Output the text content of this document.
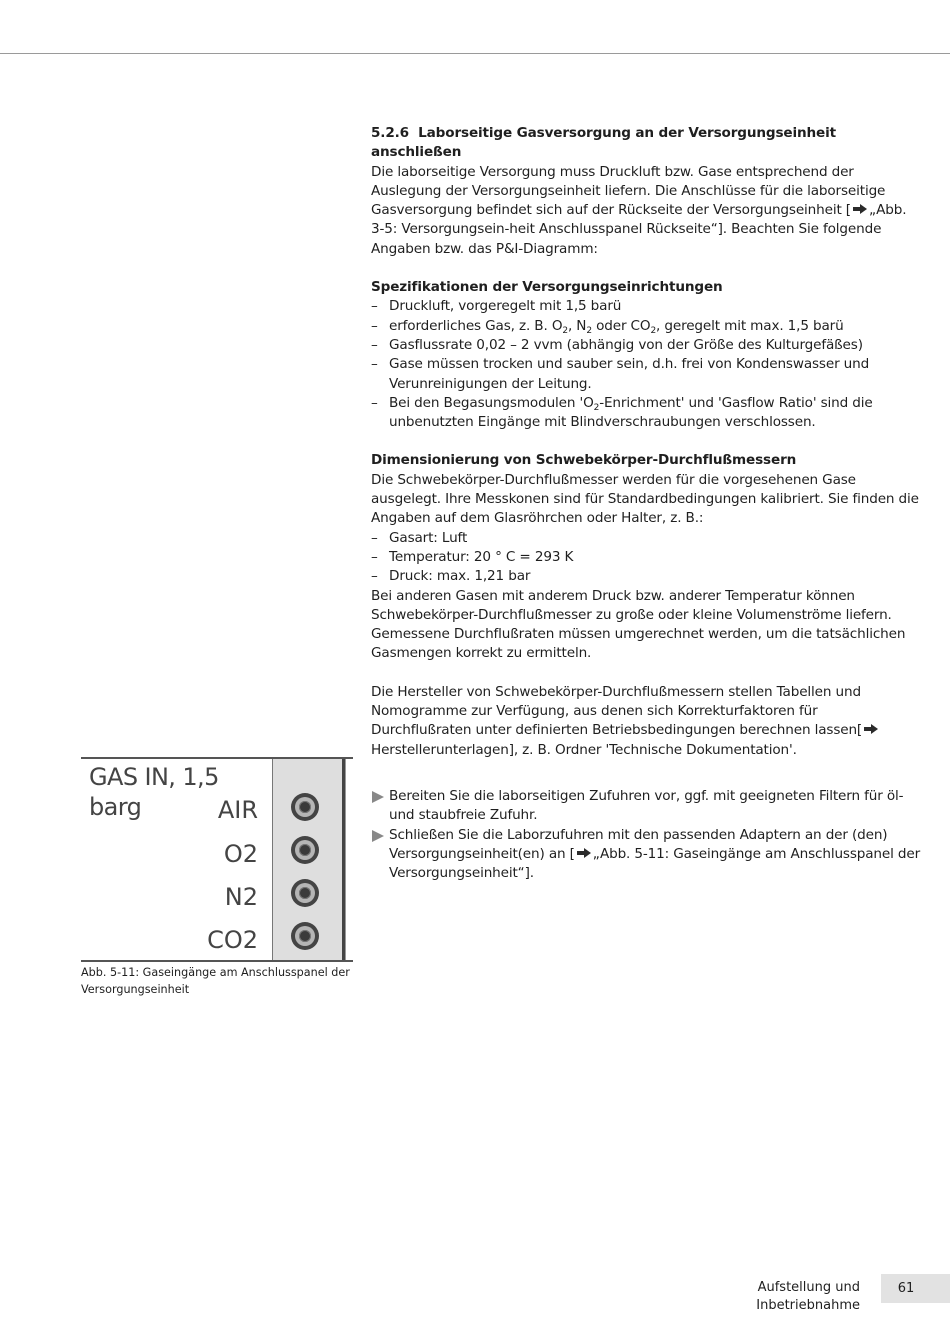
5.2.6 Laborseitige Gasversorgung an der Versorgungseinheit anschließen

Die laborseitige Versorgung muss Druckluft bzw. Gase entsprechend der Auslegung der Versorgungseinheit liefern. Die Anschlüsse für die laborseitige Gasversorgung befindet sich auf der Rückseite der Versorgungseinheit [ „Abb. 3-5: Versorgungsein-heit Anschlusspanel Rückseite“]. Beachten Sie folgende Angaben bzw. das P&I-Diagramm:

Spezifikationen der Versorgungseinrichtungen

– Druckluft, vorgeregelt mit 1,5 barü
– erforderliches Gas, z. B. $O_2$, $N_2$ oder $CO_2$, geregelt mit max. 1,5 barü
– Gasflussrate 0,02 – 2 vvm (abhängig von der Größe des Kulturgefäßes)
– Gase müssen trocken und sauber sein, d.h. frei von Kondenswasser und Verunreinigungen der Leitung.
– Bei den Begasungsmodulen '$O_2-Enrichment$' und 'Gasflow Ratio' sind die unbenutzten Eingänge mit Blindverschraubungen verschlossen.

Dimensionierung von Schwebekörper-Durchflußmessern

Die Schwebekörper-Durchflußmesser werden für die vorgesehenen Gase ausgelegt. Ihre Messkonen sind für Standardbedingungen kalibriert. Sie finden die Angaben auf dem Glasröhrchen oder Halter, z. B.:

– Gasart: Luft
– Temperatur: 20 ° C = 293 K
– Druck: max. 1,21 bar

Bei anderen Gasen mit anderem Druck bzw. anderer Temperatur können Schwebekörper-Durchflußmesser zu große oder kleine Volumenströme liefern. Gemessene Durchflußraten müssen umgerechnet werden, um die tatsächlichen Gasmengen korrekt zu ermitteln.

Die Hersteller von Schwebekörper-Durchflußmessern stellen Tabellen und Nomogramme zur Verfügung, aus denen sich Korrekturfaktoren für Durchflußraten unter definierten Betriebsbedingungen berechnen lassen[Herstellerunterlagen], z. B. Ordner 'Technische Dokumentation'.

Bereiten Sie die laborseitigen Zufuhren vor, ggf. mit geeigneten Filtern für öl- und staubfreie Zufuhr.
Schließen Sie die Laborzufuhren mit den passenden Adaptern an der (den) Versorgungseinheit(en) an [ „Abb. 5-11: Gaseingänge am Anschlusspanel der Versorgungseinheit“].
GAS IN, 1,5 barg	AIR
O2
N2
CO2
Abb. 5-11: Gaseingänge am Anschlusspanel der Versorgungseinheit
Aufstellung und Inbetriebnahme
61
